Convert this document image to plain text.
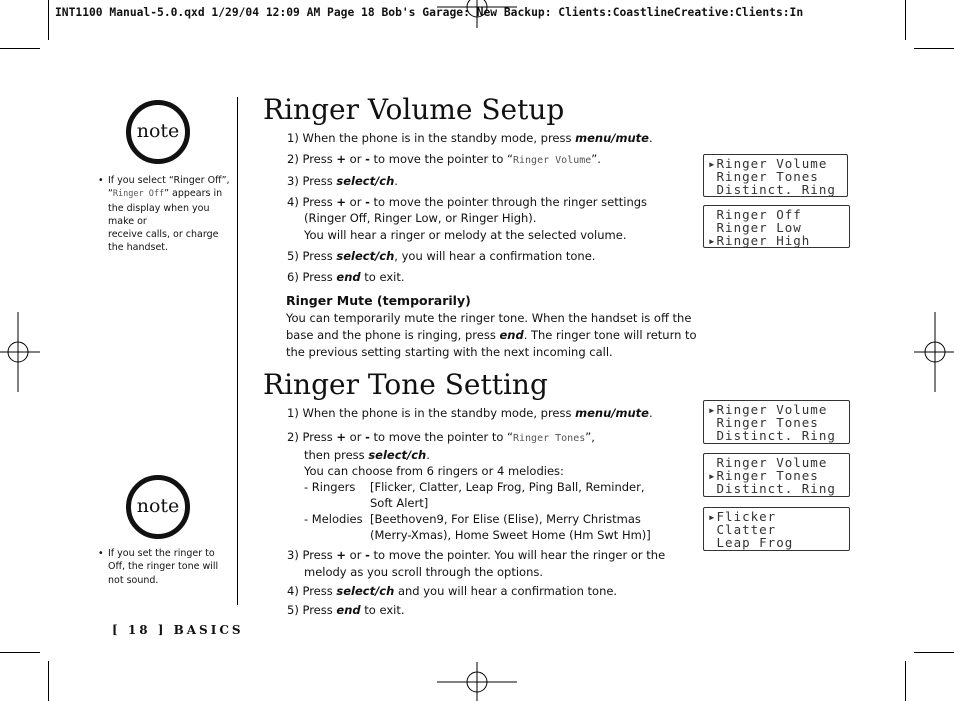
INT1100 Manual-5.0.qxd 1/29/04 12:09 AM Page 18 Bob's Garage: New Backup: Clients:CoastlineCreative:Clients:In
note
• If you select “Ringer Off”,
“Ringer Off” appears in
the display when you
make or
receive calls, or charge
the handset.
note
• If you set the ringer to
Off, the ringer tone will
not sound.
[ 18 ] BASICS
Ringer Volume Setup
1) When the phone is in the standby mode, press menu/mute.
2) Press + or - to move the pointer to “Ringer Volume”.
3) Press select/ch.
4) Press + or - to move the pointer through the ringer settings
(Ringer Off, Ringer Low, or Ringer High).
You will hear a ringer or melody at the selected volume.
5) Press select/ch, you will hear a confirmation tone.
6) Press end to exit.
Ringer Mute (temporarily)
You can temporarily mute the ringer tone. When the handset is off the base and the phone is ringing, press end. The ringer tone will return to the previous setting starting with the next incoming call.
Ringer Tone Setting
1) When the phone is in the standby mode, press menu/mute.
2) Press + or - to move the pointer to “Ringer Tones”,
then press select/ch.
You can choose from 6 ringers or 4 melodies:
- Ringers [Flicker, Clatter, Leap Frog, Ping Ball, Reminder,
Soft Alert]
- Melodies [Beethoven9, For Elise (Elise), Merry Christmas
(Merry-Xmas), Home Sweet Home (Hm Swt Hm)]
3) Press + or - to move the pointer. You will hear the ringer or the
melody as you scroll through the options.
4) Press select/ch and you will hear a confirmation tone.
5) Press end to exit.
▸Ringer Volume
Ringer Tones
Distinct. Ring
Ringer Off
Ringer Low
▸Ringer High
▸Ringer Volume
Ringer Tones
Distinct. Ring
Ringer Volume
▸Ringer Tones
Distinct. Ring
▸Flicker
Clatter
Leap Frog
